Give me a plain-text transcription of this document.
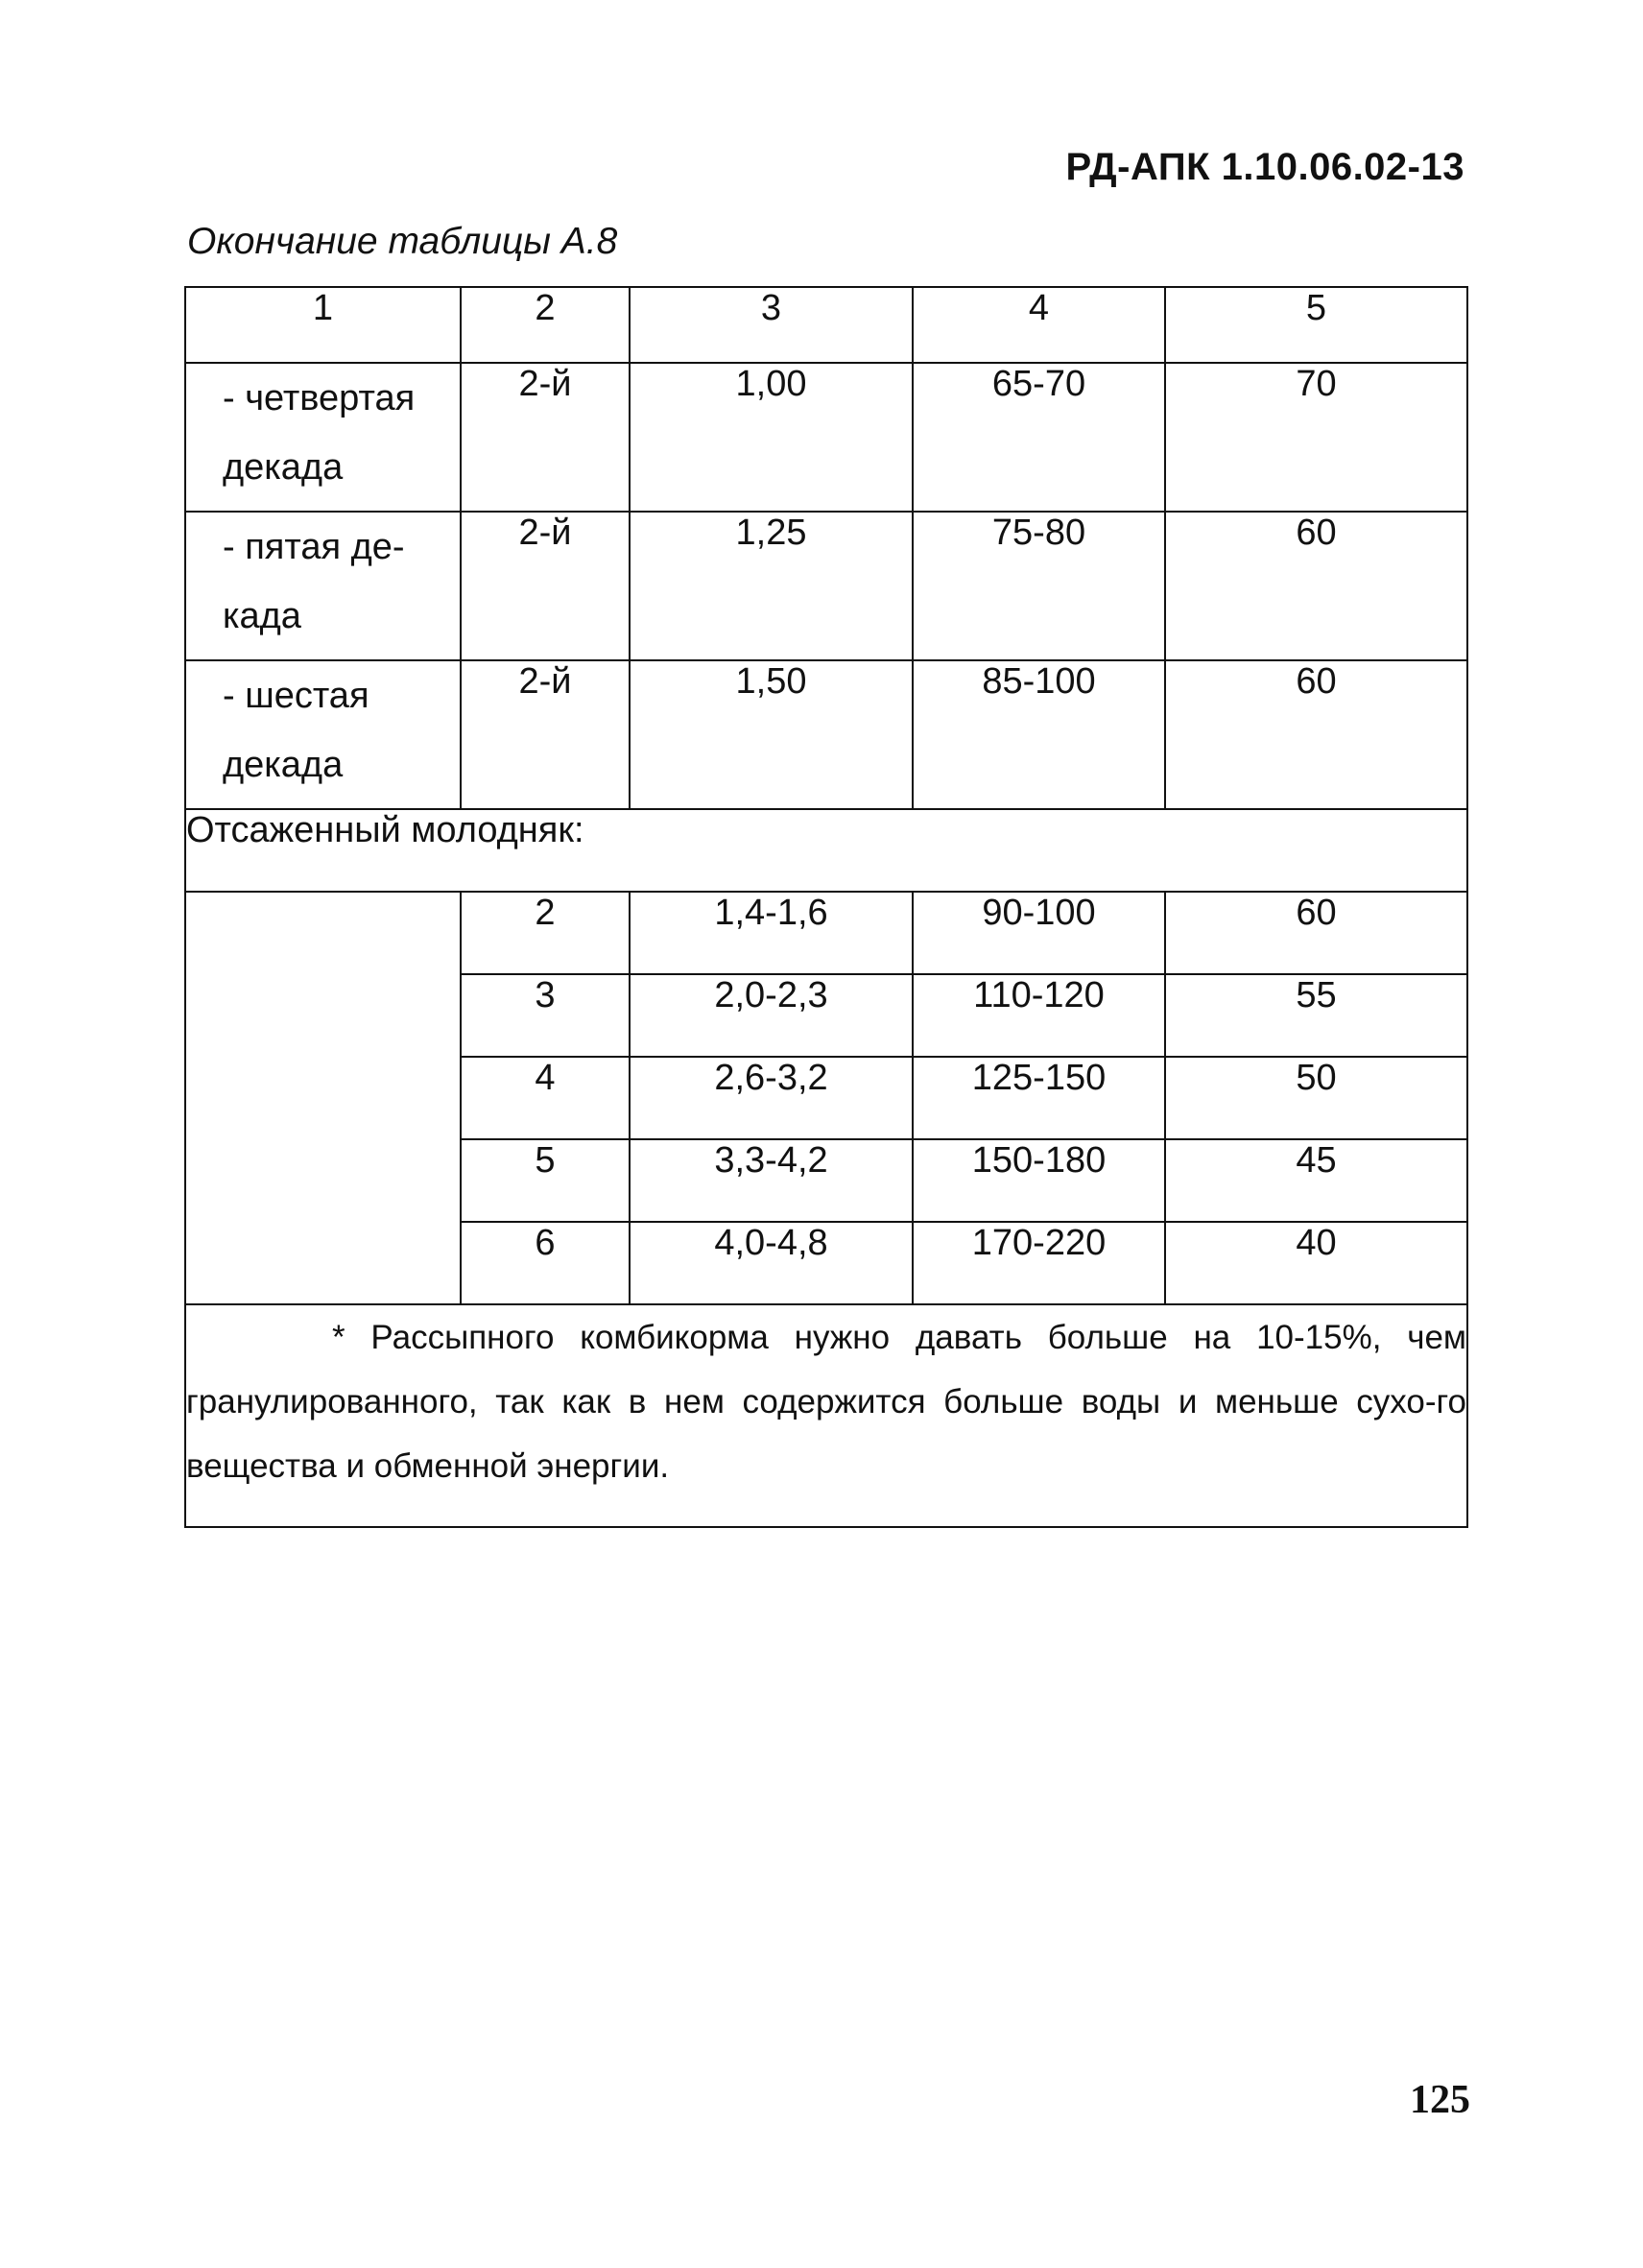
РД-АПК 1.10.06.02-13
Окончание таблицы А.8
1	2	3	4	5
- четвертая декада	2-й	1,00	65-70	70
- пятая де-када	2-й	1,25	75-80	60
- шестая декада	2-й	1,50	85-100	60
Отсаженный молодняк:				
	2	1,4-1,6	90-100	60
	3	2,0-2,3	110-120	55
	4	2,6-3,2	125-150	50
	5	3,3-4,2	150-180	45
	6	4,0-4,8	170-220	40

* Рассыпного комбикорма нужно давать больше на 10-15%, чем гранулированного, так как в нем содержится больше воды и меньше сухо-го вещества и обменной энергии.				
125
